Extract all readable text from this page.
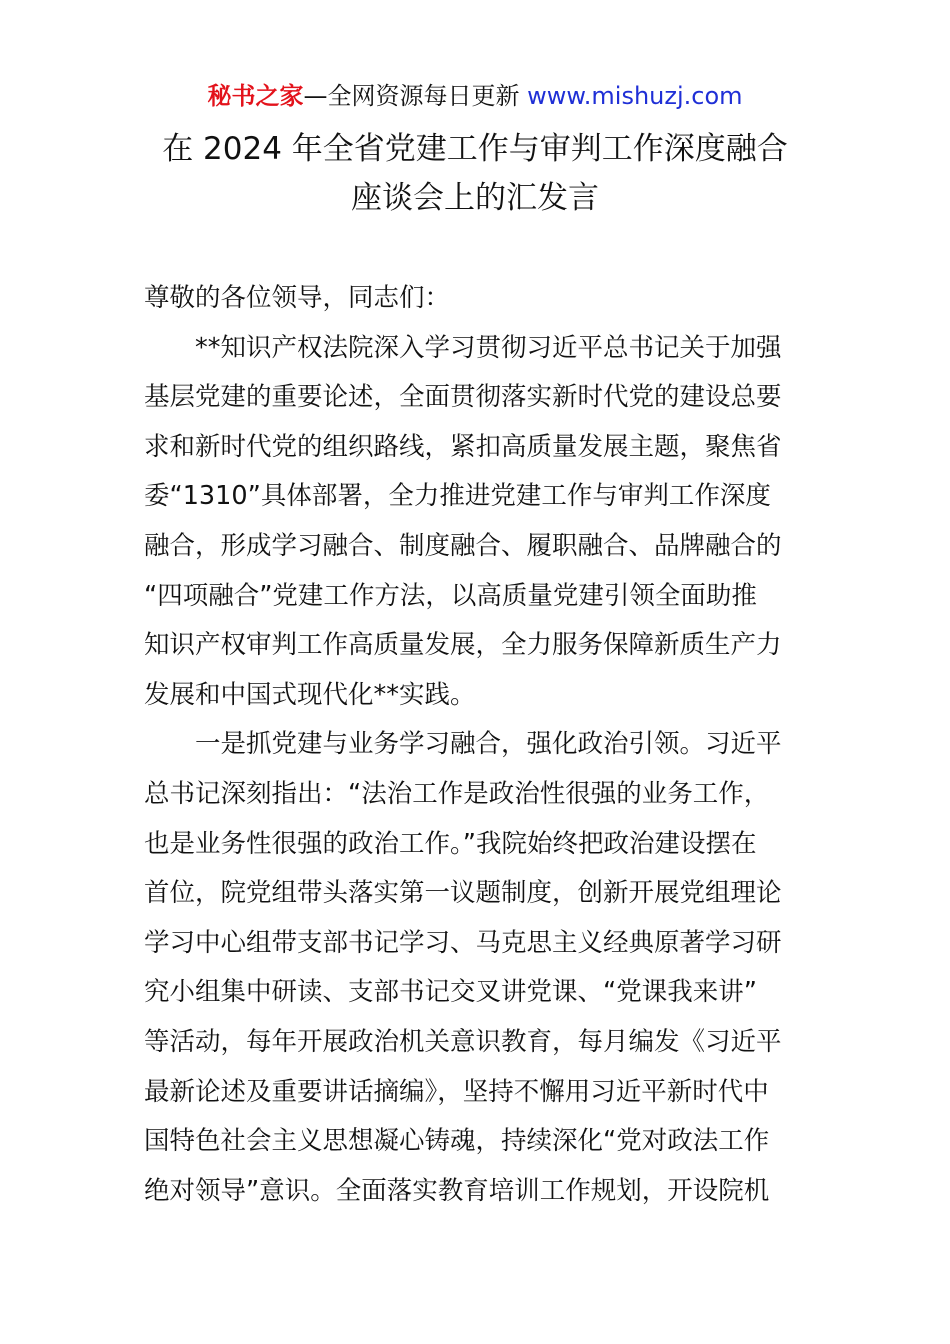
秘书之家—全网资源每日更新 www.mishuzj.com
在 2024 年全省党建工作与审判工作深度融合
座谈会上的汇发言
尊敬的各位领导，同志们：
　　**知识产权法院深入学习贯彻习近平总书记关于加强
基层党建的重要论述，全面贯彻落实新时代党的建设总要
求和新时代党的组织路线，紧扣高质量发展主题，聚焦省
委“1310”具体部署，全力推进党建工作与审判工作深度
融合，形成学习融合、制度融合、履职融合、品牌融合的
“四项融合”党建工作方法，以高质量党建引领全面助推
知识产权审判工作高质量发展，全力服务保障新质生产力
发展和中国式现代化**实践。
　　一是抓党建与业务学习融合，强化政治引领。习近平
总书记深刻指出：“法治工作是政治性很强的业务工作，
也是业务性很强的政治工作。”我院始终把政治建设摆在
首位，院党组带头落实第一议题制度，创新开展党组理论
学习中心组带支部书记学习、马克思主义经典原著学习研
究小组集中研读、支部书记交叉讲党课、“党课我来讲”
等活动，每年开展政治机关意识教育，每月编发《习近平
最新论述及重要讲话摘编》，坚持不懈用习近平新时代中
国特色社会主义思想凝心铸魂，持续深化“党对政法工作
绝对领导”意识。全面落实教育培训工作规划，开设院机
